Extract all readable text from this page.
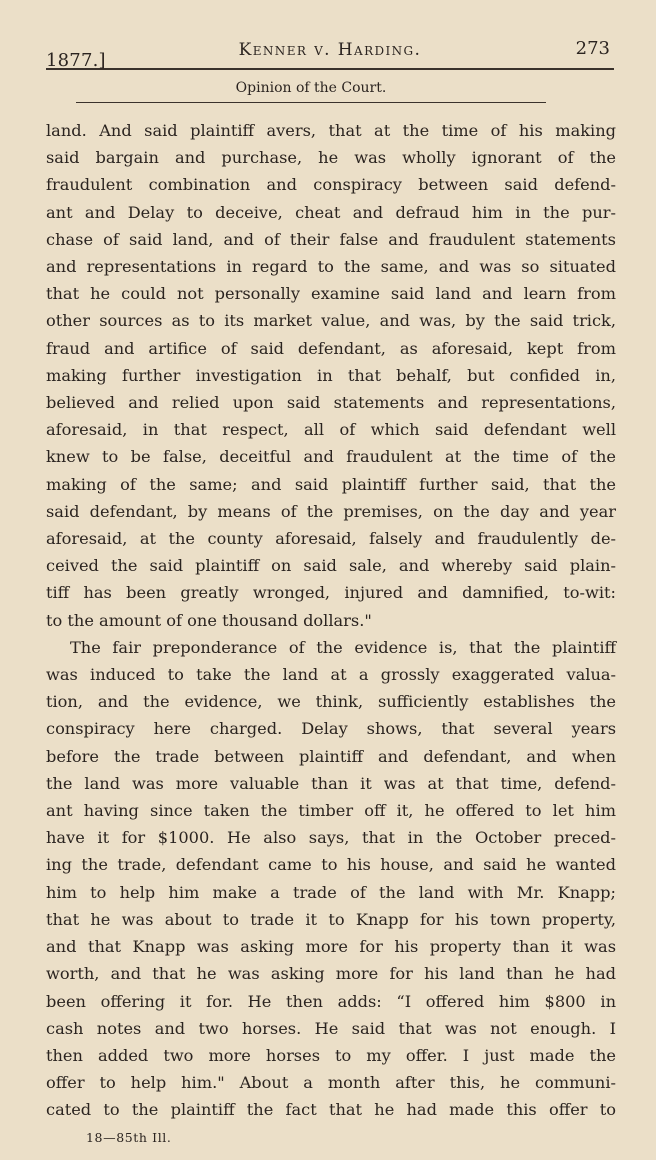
1877.]	Kenner v. Harding.	273
Opinion of the Court.
land. And said plaintiff avers, that at the time of his making
said bargain and purchase, he was wholly ignorant of the
fraudulent combination and conspiracy between said defend-
ant and Delay to deceive, cheat and defraud him in the pur-
chase of said land, and of their false and fraudulent statements
and representations in regard to the same, and was so situated
that he could not personally examine said land and learn from
other sources as to its market value, and was, by the said trick,
fraud and artifice of said defendant, as aforesaid, kept from
making further investigation in that behalf, but confided in,
believed and relied upon said statements and representations,
aforesaid, in that respect, all of which said defendant well
knew to be false, deceitful and fraudulent at the time of the
making of the same; and said plaintiff further said, that the
said defendant, by means of the premises, on the day and year
aforesaid, at the county aforesaid, falsely and fraudulently de-
ceived the said plaintiff on said sale, and whereby said plain-
tiff has been greatly wronged, injured and damnified, to-wit:
to the amount of one thousand dollars."
The fair preponderance of the evidence is, that the plaintiff
was induced to take the land at a grossly exaggerated valua-
tion, and the evidence, we think, sufficiently establishes the
conspiracy here charged. Delay shows, that several years
before the trade between plaintiff and defendant, and when
the land was more valuable than it was at that time, defend-
ant having since taken the timber off it, he offered to let him
have it for $1000. He also says, that in the October preced-
ing the trade, defendant came to his house, and said he wanted
him to help him make a trade of the land with Mr. Knapp;
that he was about to trade it to Knapp for his town property,
and that Knapp was asking more for his property than it was
worth, and that he was asking more for his land than he had
been offering it for. He then adds: “I offered him $800 in
cash notes and two horses. He said that was not enough. I
then added two more horses to my offer. I just made the
offer to help him." About a month after this, he communi-
cated to the plaintiff the fact that he had made this offer to
18—85th Ill.
